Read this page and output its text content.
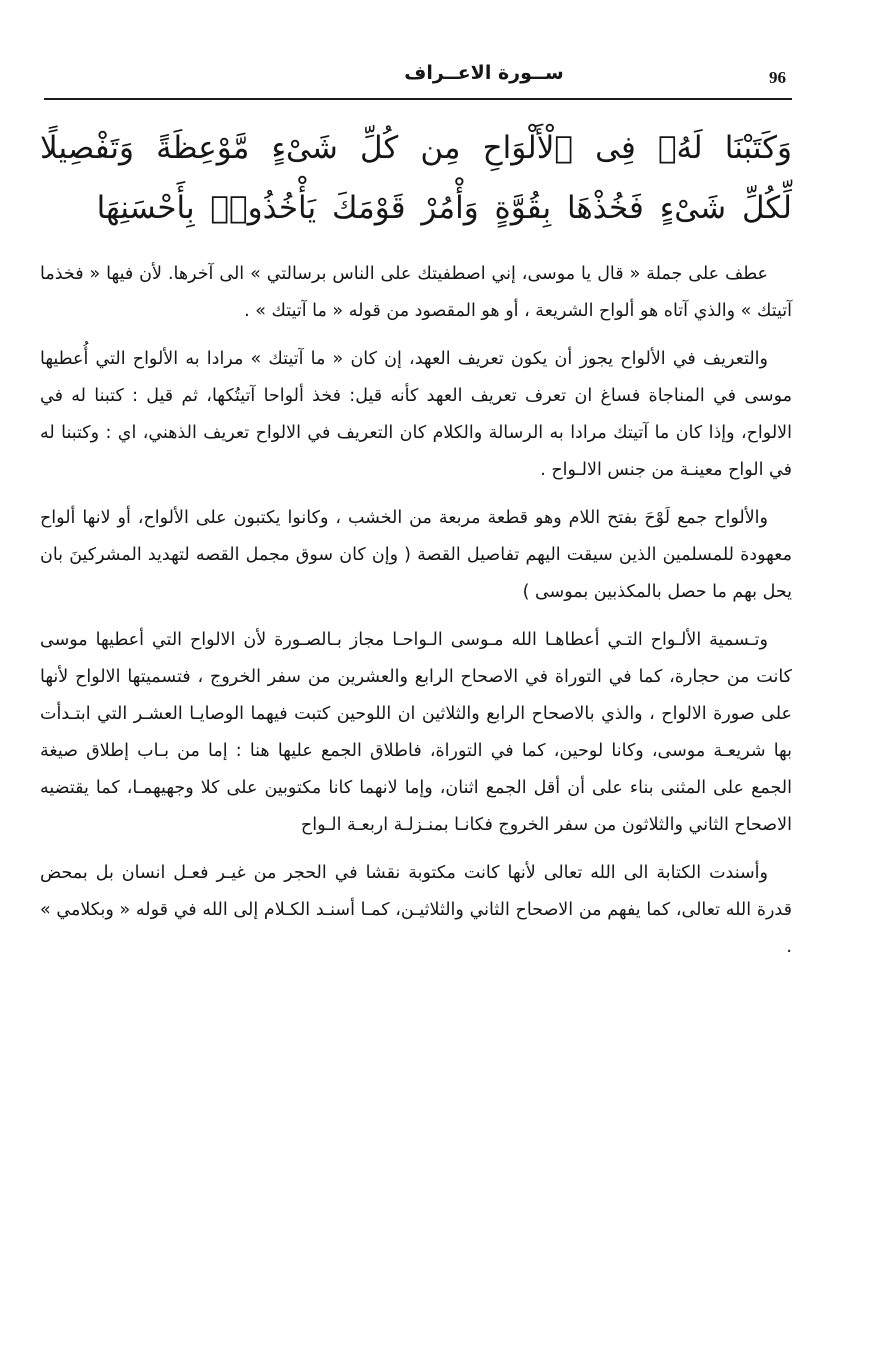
96
ســورة الاعــراف
وَكَتَبْنَا لَهُۥ فِى ٱلْأَلْوَاحِ مِن كُلِّ شَىْءٍ مَّوْعِظَةً وَتَفْصِيلًا لِّكُلِّ شَىْءٍ فَخُذْهَا بِقُوَّةٍ وَأْمُرْ قَوْمَكَ يَأْخُذُوا۟ بِأَحْسَنِهَا

عطف على جملة « قال يا موسى، إني اصطفيتك على الناس برسالتي » الى آخرها. لأن فيها « فخذما آتيتك » والذي آتاه هو ألواح الشريعة ، أو هو المقصود من قوله « ما آتيتك » .

والتعريف في الألواح يجوز أن يكون تعريف العهد، إن كان « ما آتيتك » مرادا به الألواح التي أُعطيها موسى في المناجاة فساغ ان تعرف تعريف العهد كأنه قيل: فخذ ألواحا آتيتُكها، ثم قيل : كتبنا له في الالواح، وإذا كان ما آتيتك مرادا به الرسالة والكلام كان التعريف في الالواح تعريف الذهني، اي : وكتبنا له في الواح معينـة من جنس الالـواح .

والألواح جمع لَوْحَ بفتح اللام وهو قطعة مربعة من الخشب ، وكانوا يكتبون على الألواح، أو لانها ألواح معهودة للمسلمين الذين سيقت اليهم تفاصيل القصة ( وإن كان سوق مجمل القصه لتهديد المشركينَ بان يحل بهم ما حصل بالمكذبين بموسى )

وتـسمية الألـواح التـي أعطاهـا الله مـوسى الـواحـا مجاز بـالصـورة لأن الالواح التي أعطيها موسى كانت من حجارة، كما في التوراة في الاصحاح الرابع والعشرين من سفر الخروج ، فتسميتها الالواح لأنها على صورة الالواح ، والذي بالاصحاح الرابع والثلاثين ان اللوحين كتبت فيهما الوصايـا العشـر التي ابتـدأت بها شريعـة موسى، وكانا لوحين، كما في التوراة، فاطلاق الجمع عليها هنا : إما من بـاب إطلاق صيغة الجمع على المثنى بناء على أن أقل الجمع اثنان، وإما لانهما كانا مكتوبين على كلا وجهيهمـا، كما يقتضيه الاصحاح الثاني والثلاثون من سفر الخروج فكانـا بمنـزلـة اربعـة الـواح

وأسندت الكتابة الى الله تعالى لأنها كانت مكتوبة نقشا في الحجر من غيـر فعـل انسان بل بمحض قدرة الله تعالى، كما يفهم من الاصحاح الثاني والثلاثيـن، كمـا أسنـد الكـلام إلى الله في قوله « وبكلامي » .
